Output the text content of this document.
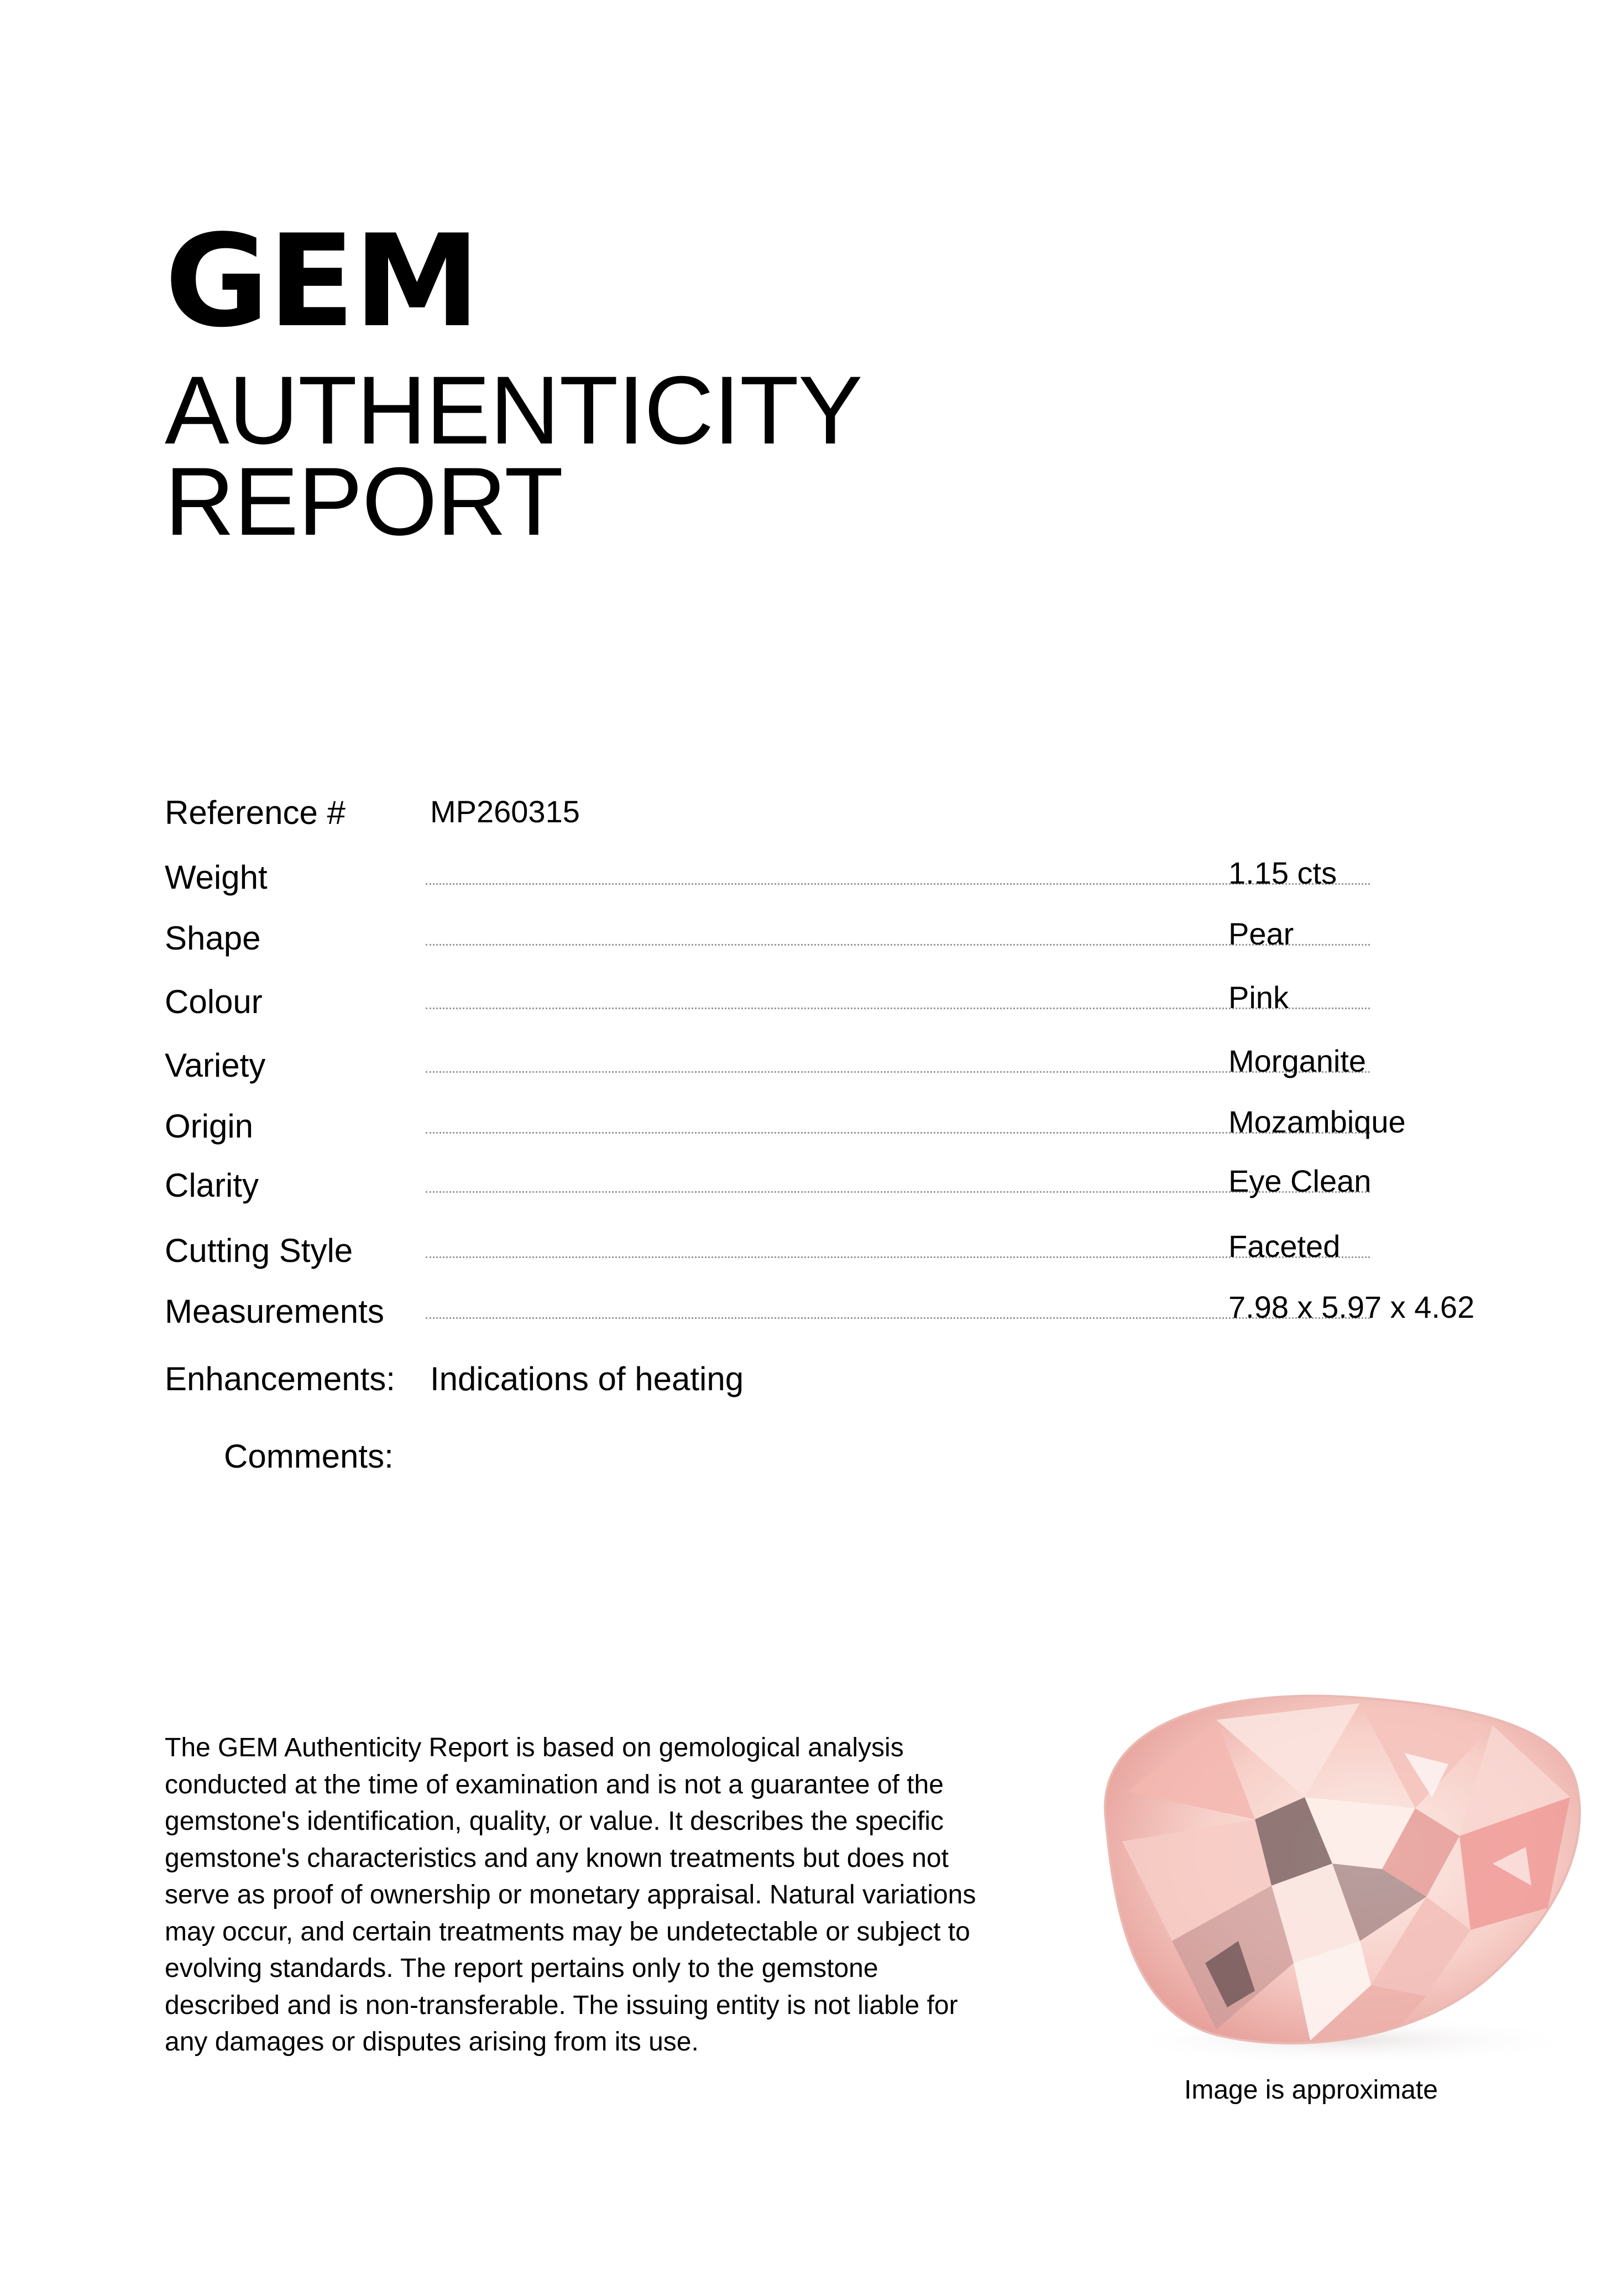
GEM
AUTHENTICITY
REPORT
Reference #	MP260315
Weight	1.15 cts
Shape	Pear
Colour	Pink
Variety	Morganite
Origin	Mozambique
Clarity	Eye Clean
Cutting Style	Faceted
Measurements	7.98 x 5.97 x 4.62
Enhancements: Indications of heating
Comments:

The GEM Authenticity Report is based on gemological analysis conducted at the time of examination and is not a guarantee of the gemstone's identification, quality, or value. It describes the specific gemstone's characteristics and any known treatments but does not serve as proof of ownership or monetary appraisal. Natural variations may occur, and certain treatments may be undetectable or subject to evolving standards. The report pertains only to the gemstone described and is non-transferable. The issuing entity is not liable for any damages or disputes arising from its use.

Image is approximate
